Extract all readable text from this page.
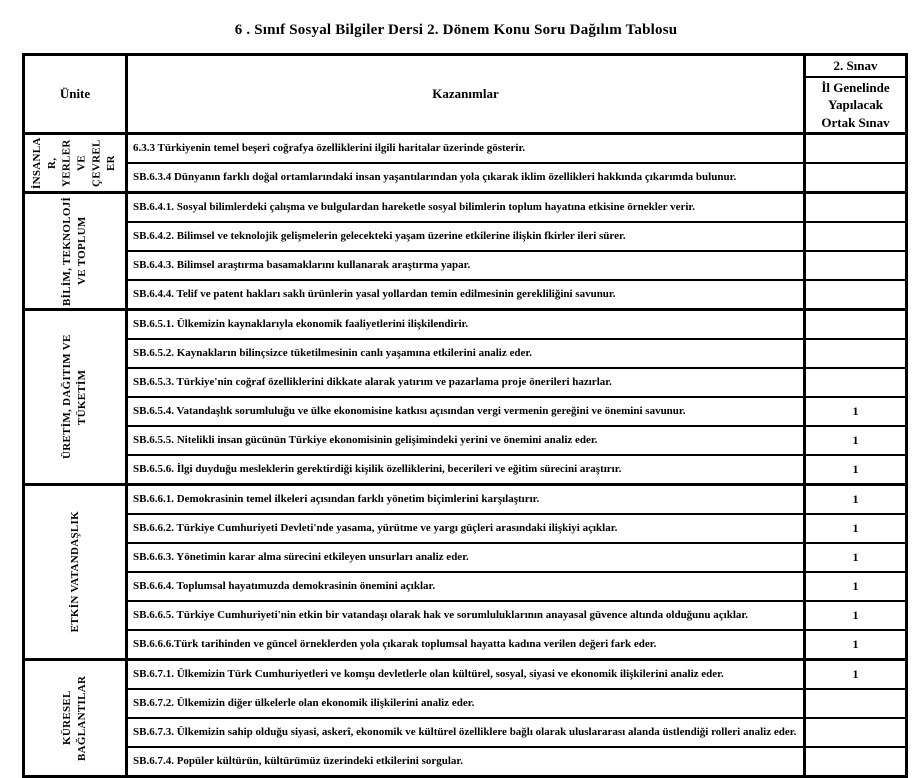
6 . Sınıf Sosyal Bilgiler Dersi 2. Dönem Konu Soru Dağılım Tablosu
Ünite	Kazanımlar	2. Sınav
		İl Genelinde Yapılacak Ortak Sınav

İNSANLAR, YERLER VE ÇEVRELER	6.3.3 Türkiyenin temel beşeri coğrafya özelliklerini ilgili haritalar üzerinde gösterir.	
	SB.6.3.4 Dünyanın farklı doğal ortamlarındaki insan yaşantılarından yola çıkarak iklim özellikleri hakkında çıkarımda bulunur.	

BİLİM, TEKNOLOJİ VE TOPLUM	SB.6.4.1. Sosyal bilimlerdeki çalışma ve bulgulardan hareketle sosyal bilimlerin toplum hayatına etkisine örnekler verir.	
	SB.6.4.2. Bilimsel ve teknolojik gelişmelerin gelecekteki yaşam üzerine etkilerine ilişkin fkirler ileri sürer.	
	SB.6.4.3. Bilimsel araştırma basamaklarını kullanarak araştırma yapar.	
	SB.6.4.4. Telif ve patent hakları saklı ürünlerin yasal yollardan temin edilmesinin gerekliliğini savunur.	

ÜRETİM, DAĞITIM VE TÜKETİM	SB.6.5.1. Ülkemizin kaynaklarıyla ekonomik faaliyetlerini ilişkilendirir.	
	SB.6.5.2. Kaynakların bilinçsizce tüketilmesinin canlı yaşamına etkilerini analiz eder.	
	SB.6.5.3. Türkiye'nin coğraf özelliklerini dikkate alarak yatırım ve pazarlama proje önerileri hazırlar.	
	SB.6.5.4. Vatandaşlık sorumluluğu ve ülke ekonomisine katkısı açısından vergi vermenin gereğini ve önemini savunur.	1
	SB.6.5.5. Nitelikli insan gücünün Türkiye ekonomisinin gelişimindeki yerini ve önemini analiz eder.	1
	SB.6.5.6. İlgi duyduğu mesleklerin gerektirdiği kişilik özelliklerini, becerileri ve eğitim sürecini araştırır.	1

ETKİN VATANDAŞLIK	SB.6.6.1. Demokrasinin temel ilkeleri açısından farklı yönetim biçimlerini karşılaştırır.	1
	SB.6.6.2. Türkiye Cumhuriyeti Devleti'nde yasama, yürütme ve yargı güçleri arasındaki ilişkiyi açıklar.	1
	SB.6.6.3. Yönetimin karar alma sürecini etkileyen unsurları analiz eder.	1
	SB.6.6.4. Toplumsal hayatımuzda demokrasinin önemini açıklar.	1
	SB.6.6.5. Türkiye Cumhuriyeti'nin etkin bir vatandaşı olarak hak ve sorumluluklarının anayasal güvence altında olduğunu açıklar.	1
	SB.6.6.6.Türk tarihinden ve güncel örneklerden yola çıkarak toplumsal hayatta kadına verilen değeri fark eder.	1

KÜRESEL BAĞLANTILAR	SB.6.7.1. Ülkemizin Türk Cumhuriyetleri ve komşu devletlerle olan kültürel, sosyal, siyasi ve ekonomik ilişkilerini analiz eder.	1
	SB.6.7.2. Ülkemizin diğer ülkelerle olan ekonomik ilişkilerini analiz eder.	
	SB.6.7.3. Ülkemizin sahip olduğu siyasi, askerî, ekonomik ve kültürel özelliklere bağlı olarak uluslararası alanda üstlendiği rolleri analiz eder.	
	SB.6.7.4. Popüler kültürün, kültürümüz üzerindeki etkilerini sorgular.	
